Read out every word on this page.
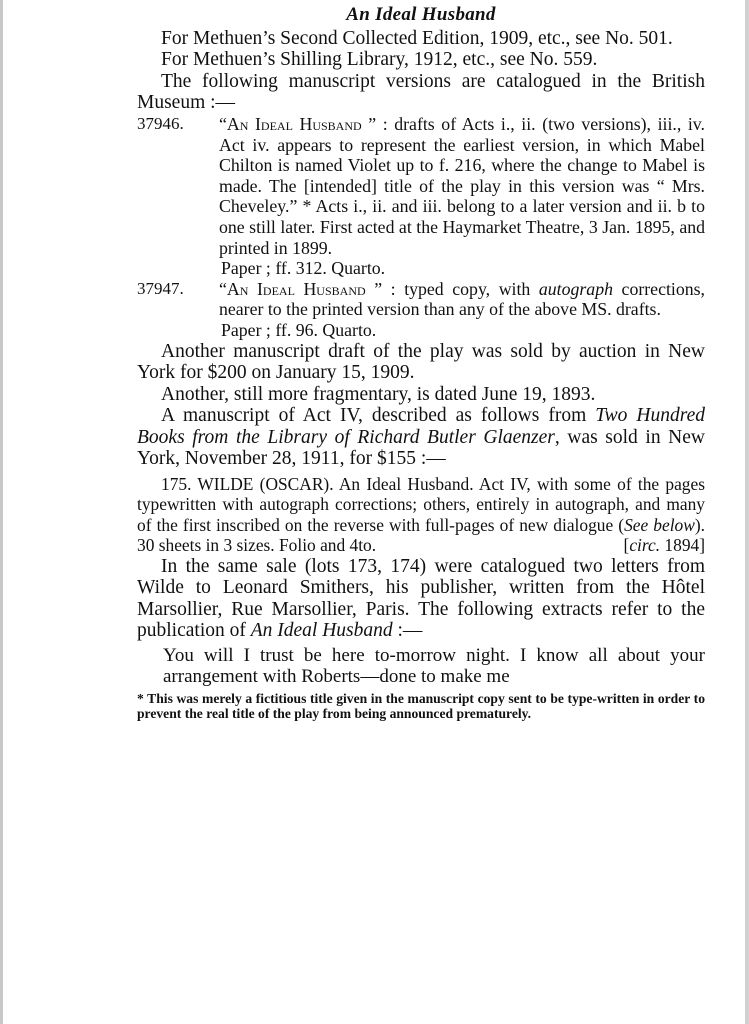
An Ideal Husband

For Methuen’s Second Collected Edition, 1909, etc., see No. 501.

For Methuen’s Shilling Library, 1912, etc., see No. 559.

The following manuscript versions are catalogued in the British Museum :—

37946.	“An Ideal Husband ” : drafts of Acts i., ii. (two versions), iii., iv. Act iv. appears to represent the earliest version, in which Mabel Chilton is named Violet up to f. 216, where the change to Mabel is made. The [intended] title of the play in this version was “ Mrs. Cheveley.” * Acts i., ii. and iii. belong to a later version and ii. b to one still later. First acted at the Haymarket Theatre, 3 Jan. 1895, and printed in 1899.
Paper ; ff. 312. Quarto.
37947.	“An Ideal Husband ” : typed copy, with autograph corrections, nearer to the printed version than any of the above MS. drafts.
Paper ; ff. 96. Quarto.

Another manuscript draft of the play was sold by auction in New York for $200 on January 15, 1909.

Another, still more fragmentary, is dated June 19, 1893.

A manuscript of Act IV, described as follows from Two Hundred Books from the Library of Richard Butler Glaenzer, was sold in New York, November 28, 1911, for $155 :—

175. WILDE (OSCAR). An Ideal Husband. Act IV, with some of the pages typewritten with autograph corrections; others, entirely in autograph, and many of the first inscribed on the reverse with full-pages of new dialogue (See below). 30 sheets in 3 sizes. Folio and 4to.	[circ. 1894]

In the same sale (lots 173, 174) were catalogued two letters from Wilde to Leonard Smithers, his publisher, written from the Hôtel Marsollier, Rue Marsollier, Paris. The following extracts refer to the publication of An Ideal Husband :—

You will I trust be here to-morrow night. I know all about your arrangement with Roberts—done to make me

* This was merely a fictitious title given in the manuscript copy sent to be type-written in order to prevent the real title of the play from being announced prematurely.
